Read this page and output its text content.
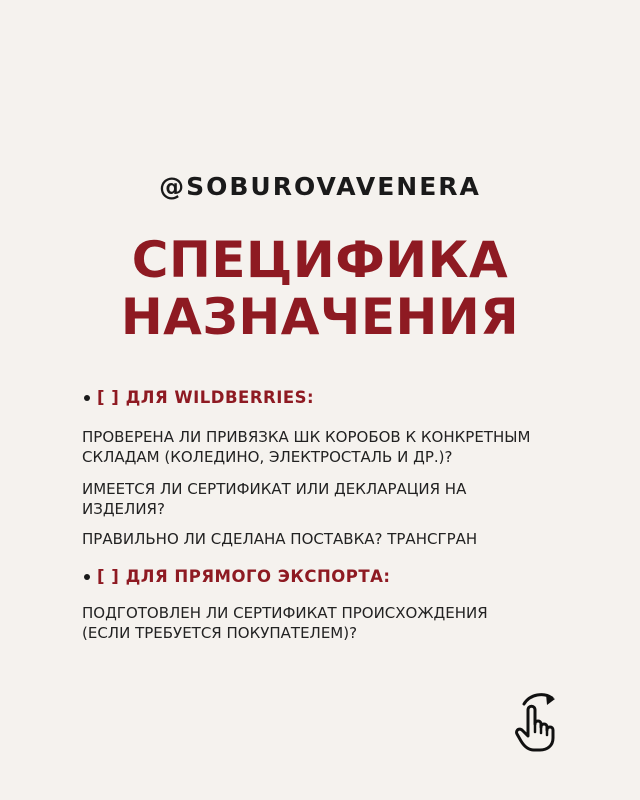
@SOBUROVAVENERA
СПЕЦИФИКА
НАЗНАЧЕНИЯ
[ ] ДЛЯ WILDBERRIES:
ПРОВЕРЕНА ЛИ ПРИВЯЗКА ШК КОРОБОВ К КОНКРЕТНЫМ
СКЛАДАМ (КОЛЕДИНО, ЭЛЕКТРОСТАЛЬ И ДР.)?
ИМЕЕТСЯ ЛИ СЕРТИФИКАТ ИЛИ ДЕКЛАРАЦИЯ НА
ИЗДЕЛИЯ?
ПРАВИЛЬНО ЛИ СДЕЛАНА ПОСТАВКА? ТРАНСГРАН
[ ] ДЛЯ ПРЯМОГО ЭКСПОРТА:
ПОДГОТОВЛЕН ЛИ СЕРТИФИКАТ ПРОИСХОЖДЕНИЯ
(ЕСЛИ ТРЕБУЕТСЯ ПОКУПАТЕЛЕМ)?
